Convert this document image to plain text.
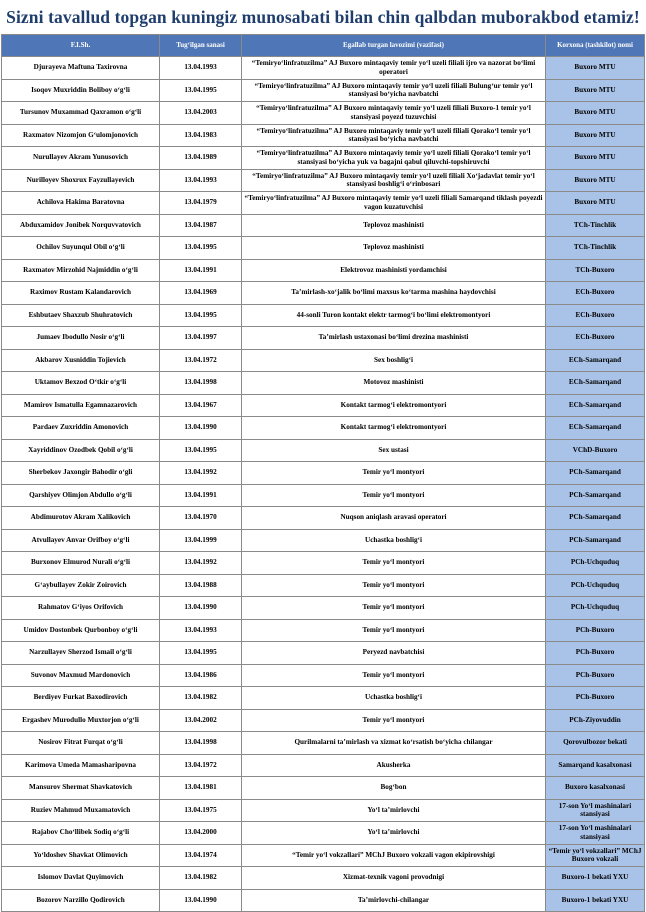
Sizni tavallud topgan kuningiz munosabati bilan chin qalbdan muborakbod etamiz!
F.I.Sh.	Tug‘ilgan sanasi	Egallab turgan lavozimi (vazifasi)	Korxona (tashkilot) nomi
Djurayeva Maftuna Taxirovna	13.04.1993	“Temiryo‘linfratuzilma” AJ Buxoro mintaqaviy temir yo‘l uzeli filiali ijro va nazorat bo‘limi operatori	Buxoro MTU
Isoqov Muxriddin Boliboy o‘g‘li	13.04.1995	“Temiryo‘linfratuzilma” AJ Buxoro mintaqaviy temir yo‘l uzeli filiali Bulung‘ur temir yo‘l stansiyasi bo‘yicha navbatchi	Buxoro MTU
Tursunov Muxammad Qaxramon o‘g‘li	13.04.2003	“Temiryo‘linfratuzilma” AJ Buxoro mintaqaviy temir yo‘l uzeli filiali Buxoro-1 temir yo‘l stansiyasi poyezd tuzuvchisi	Buxoro MTU
Raxmatov Nizomjon G‘ulomjonovich	13.04.1983	“Temiryo‘linfratuzilma” AJ Buxoro mintaqaviy temir yo‘l uzeli filiali Qorako‘l temir yo‘l stansiyasi bo‘yicha navbatchi	Buxoro MTU
Nurullayev Akram Yunusovich	13.04.1989	“Temiryo‘linfratuzilma” AJ Buxoro mintaqaviy temir yo‘l uzeli filiali Qorako‘l temir yo‘l stansiyasi bo‘yicha yuk va bagajni qabul qiluvchi-topshiruvchi	Buxoro MTU
Nurilloyev Shoxrux Fayzullayevich	13.04.1993	“Temiryo‘linfratuzilma” AJ Buxoro mintaqaviy temir yo‘l uzeli filiali Xo‘jadavlat temir yo‘l stansiyasi boshlig‘i o‘rinbosari	Buxoro MTU
Achilova Hakima Baratovna	13.04.1979	“Temiryo‘linfratuzilma” AJ Buxoro mintaqaviy temir yo‘l uzeli filiali Samarqand tiklash poyezdi vagon kuzatuvchisi	Buxoro MTU
Abduxamidov Jonibek Norquvvatovich	13.04.1987	Teplovoz mashinisti	TCh-Tinchlik
Ochilov Suyunqul Obil o‘g‘li	13.04.1995	Teplovoz mashinisti	TCh-Tinchlik
Raxmatov Mirzohid Najmiddin o‘g‘li	13.04.1991	Elektrovoz mashinisti yordamchisi	TCh-Buxoro
Raximov Rustam Kalandarovich	13.04.1969	Ta’mirlash-xo‘jalik bo‘limi maxsus ko‘tarma mashina haydovchisi	ECh-Buxoro
Eshbutaev Shaxzub Shuhratovich	13.04.1995	44-sonli Turon kontakt elektr tarmog‘i bo‘limi elektromontyori	ECh-Buxoro
Jumaev Ibodullo Nosir o‘g‘li	13.04.1997	Ta’mirlash ustaxonasi bo‘limi drezina mashinisti	ECh-Buxoro
Akbarov Xusniddin Tojievich	13.04.1972	Sex boshlig‘i	ECh-Samarqand
Uktamov Bexzod O‘tkir o‘g‘li	13.04.1998	Motovoz mashinisti	ECh-Samarqand
Mamirov Ismatulla Egamnazarovich	13.04.1967	Kontakt tarmog‘i elektromontyori	ECh-Samarqand
Pardaev Zuxriddin Amonovich	13.04.1990	Kontakt tarmog‘i elektromontyori	ECh-Samarqand
Xayriddinov Ozodbek Qobil o‘g‘li	13.04.1995	Sex ustasi	VChD-Buxoro
Sherbekov Jaxongir Bahodir o‘gli	13.04.1992	Temir yo‘l montyori	PCh-Samarqand
Qarshiyev Olimjon Abdullo o‘g‘li	13.04.1991	Temir yo‘l montyori	PCh-Samarqand
Abdimurotov Akram Xalikovich	13.04.1970	Nuqson aniqlash aravasi operatori	PCh-Samarqand
Atvullayev Anvar Orifboy o‘g‘li	13.04.1999	Uchastka boshlig‘i	PCh-Samarqand
Burxonov Elmurod Nurali o‘g‘li	13.04.1992	Temir yo‘l montyori	PCh-Uchquduq
G‘aybullayev Zokir Zoirovich	13.04.1988	Temir yo‘l montyori	PCh-Uchquduq
Rahmatov G‘iyos Orifovich	13.04.1990	Temir yo‘l montyori	PCh-Uchquduq
Umidov Dostonbek Qurbonboy o‘g‘li	13.04.1993	Temir yo‘l montyori	PCh-Buxoro
Narzullayev Sherzod Ismail o‘g‘li	13.04.1995	Peryezd navbatchisi	PCh-Buxoro
Suvonov Maxmud Mardonovich	13.04.1986	Temir yo‘l montyori	PCh-Buxoro
Berdiyev Furkat Baxodirovich	13.04.1982	Uchastka boshlig‘i	PCh-Buxoro
Ergashev Murodullo Muxtorjon o‘g‘li	13.04.2002	Temir yo‘l montyori	PCh-Ziyovuddin
Nosirov Fitrat Furqat o‘g‘li	13.04.1998	Qurilmalarni ta’mirlash va xizmat ko‘rsatish bo‘yicha chilangar	Qorovulbozor bekati
Karimova Umeda Mamasharipovna	13.04.1972	Akusherka	Samarqand kasalxonasi
Mansurov Shermat Shavkatovich	13.04.1981	Bog‘bon	Buxoro kasalxonasi
Ruziev Mahmud Muxamatovich	13.04.1975	Yo‘l ta’mirlovchi	17-son Yo‘l mashinalari stansiyasi
Rajabov Cho‘llibek Sodiq o‘g‘li	13.04.2000	Yo‘l ta’mirlovchi	17-son Yo‘l mashinalari stansiyasi
Yo‘ldoshev Shavkat Olimovich	13.04.1974	“Temir yo‘l vokzallari” MChJ Buxoro vokzali vagon ekipirovshigi	“Temir yo‘l vokzallari” MChJ Buxoro vokzali
Islomov Davlat Quyimovich	13.04.1982	Xizmat-texnik vagoni provodnigi	Buxoro-1 bekati YXU
Bozorov Narzillo Qodirovich	13.04.1990	Ta’mirlovchi-chilangar	Buxoro-1 bekati YXU
